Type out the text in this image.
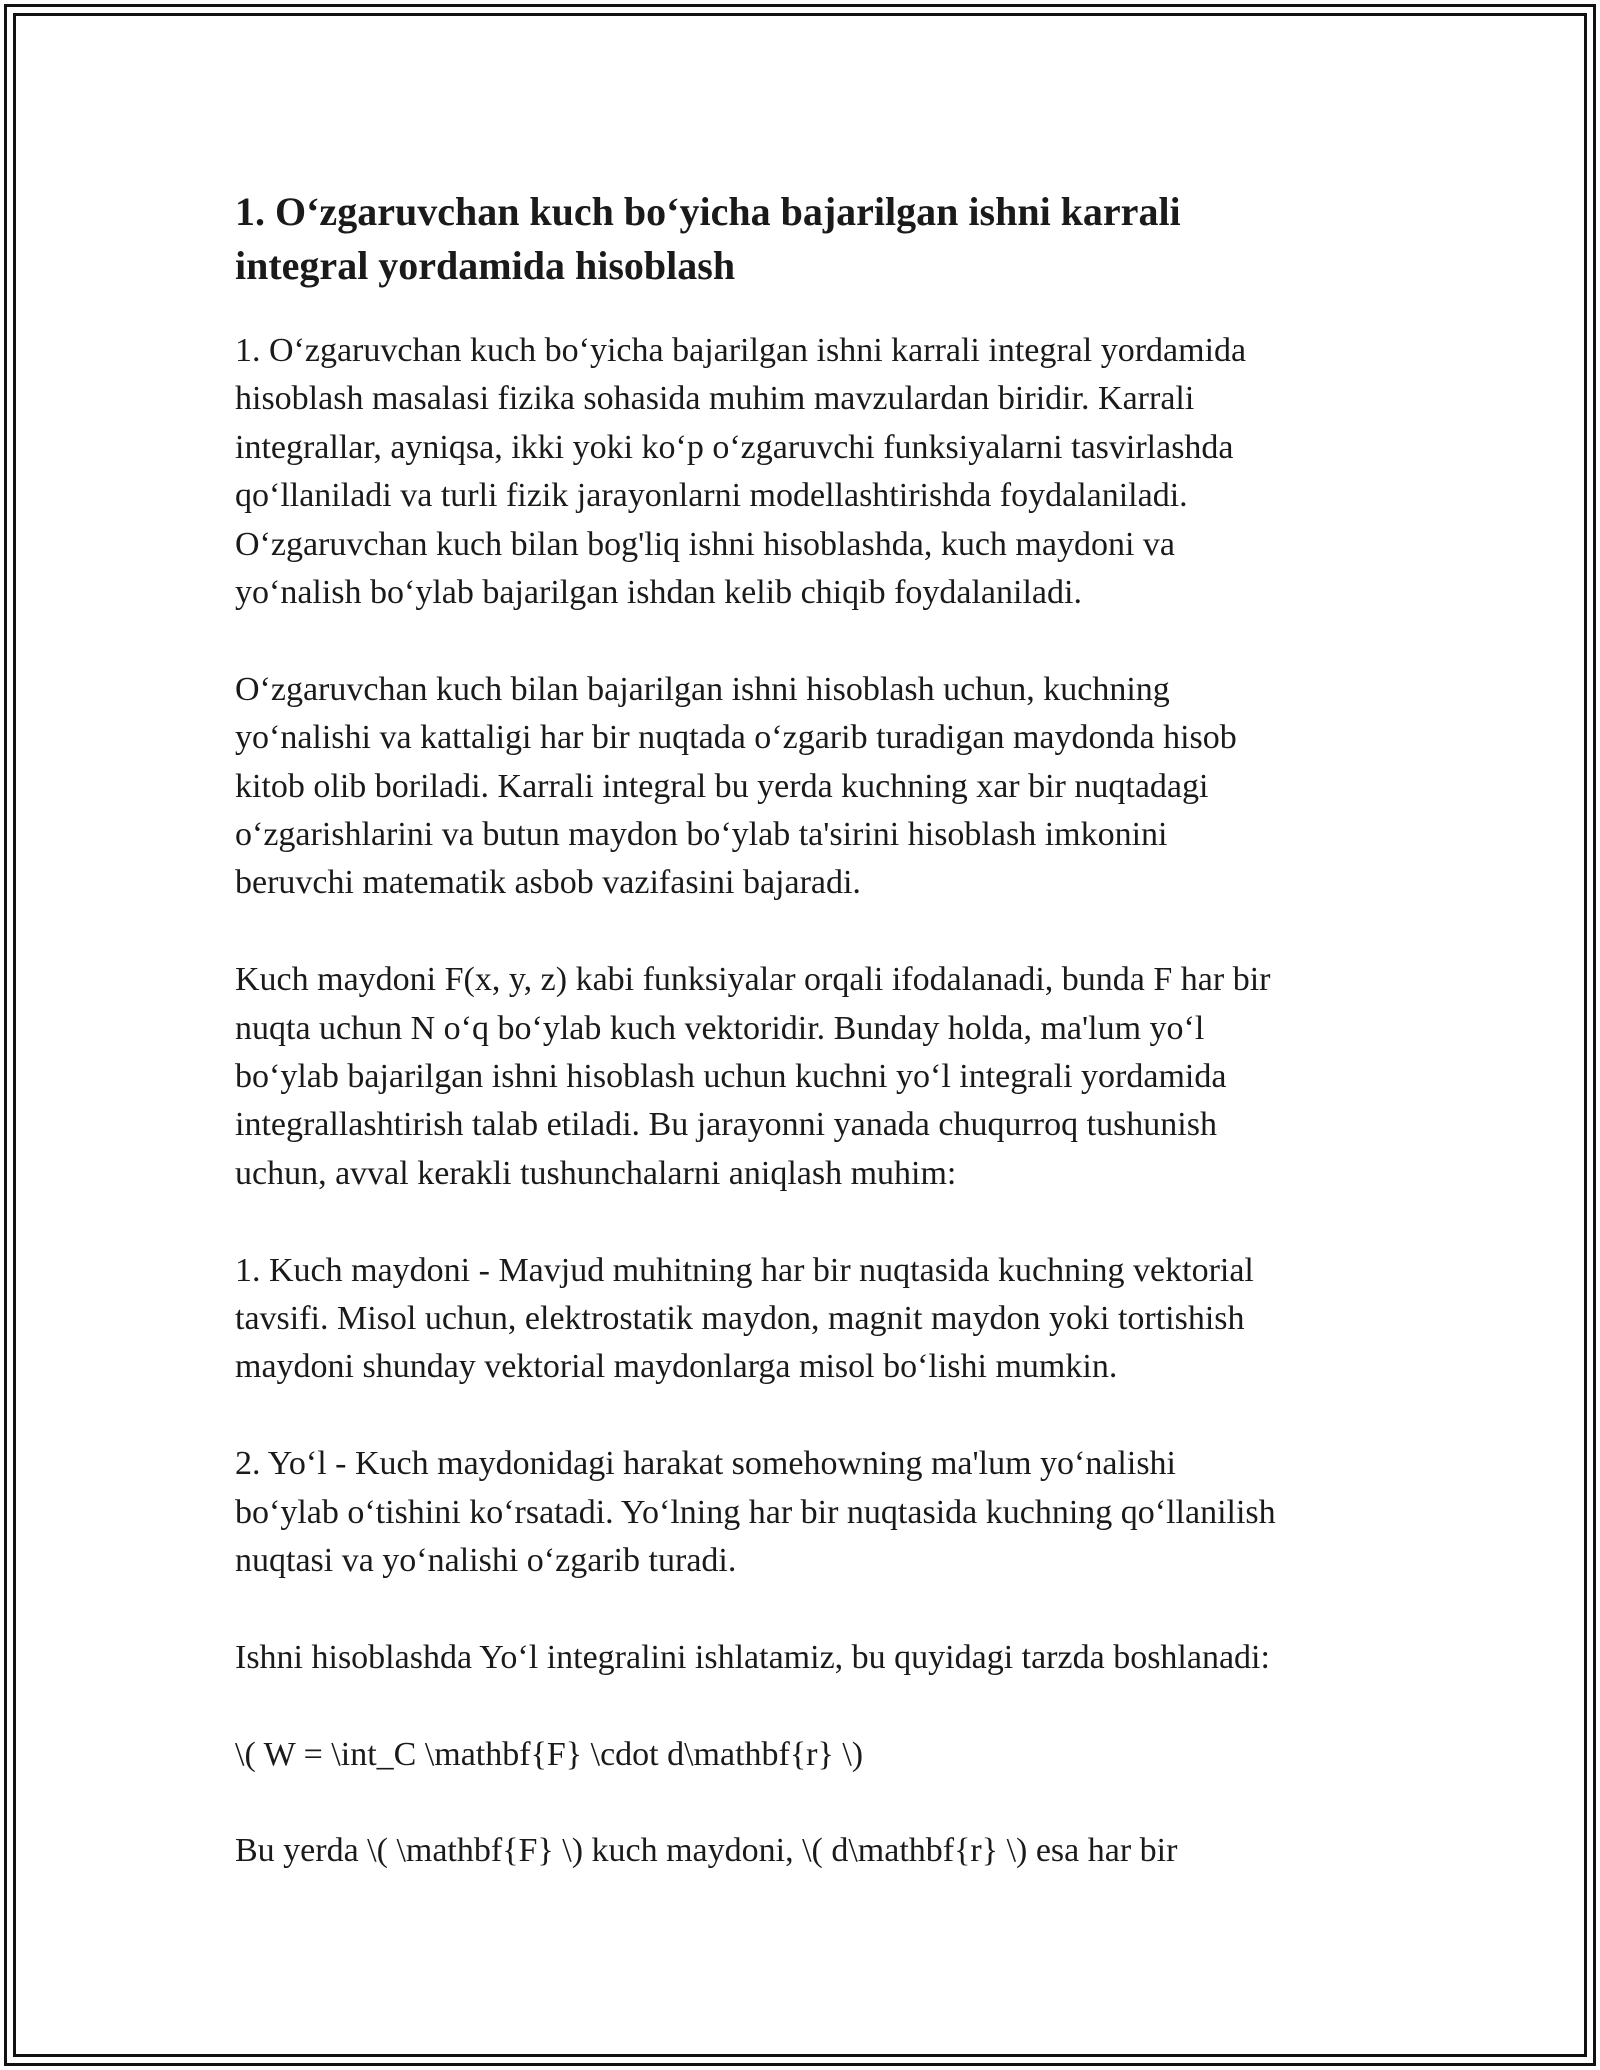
1. O‘zgaruvchan kuch bo‘yicha bajarilgan ishni karrali
integral yordamida hisoblash

1. O‘zgaruvchan kuch bo‘yicha bajarilgan ishni karrali integral yordamida
hisoblash masalasi fizika sohasida muhim mavzulardan biridir. Karrali
integrallar, ayniqsa, ikki yoki ko‘p o‘zgaruvchi funksiyalarni tasvirlashda
qo‘llaniladi va turli fizik jarayonlarni modellashtirishda foydalaniladi.
O‘zgaruvchan kuch bilan bog'liq ishni hisoblashda, kuch maydoni va
yo‘nalish bo‘ylab bajarilgan ishdan kelib chiqib foydalaniladi.

O‘zgaruvchan kuch bilan bajarilgan ishni hisoblash uchun, kuchning
yo‘nalishi va kattaligi har bir nuqtada o‘zgarib turadigan maydonda hisob
kitob olib boriladi. Karrali integral bu yerda kuchning xar bir nuqtadagi
o‘zgarishlarini va butun maydon bo‘ylab ta'sirini hisoblash imkonini
beruvchi matematik asbob vazifasini bajaradi.

Kuch maydoni F(x, y, z) kabi funksiyalar orqali ifodalanadi, bunda F har bir
nuqta uchun N o‘q bo‘ylab kuch vektoridir. Bunday holda, ma'lum yo‘l
bo‘ylab bajarilgan ishni hisoblash uchun kuchni yo‘l integrali yordamida
integrallashtirish talab etiladi. Bu jarayonni yanada chuqurroq tushunish
uchun, avval kerakli tushunchalarni aniqlash muhim:

1. Kuch maydoni - Mavjud muhitning har bir nuqtasida kuchning vektorial
tavsifi. Misol uchun, elektrostatik maydon, magnit maydon yoki tortishish
maydoni shunday vektorial maydonlarga misol bo‘lishi mumkin.

2. Yo‘l - Kuch maydonidagi harakat somehowning ma'lum yo‘nalishi
bo‘ylab o‘tishini ko‘rsatadi. Yo‘lning har bir nuqtasida kuchning qo‘llanilish
nuqtasi va yo‘nalishi o‘zgarib turadi.

Ishni hisoblashda Yo‘l integralini ishlatamiz, bu quyidagi tarzda boshlanadi:

\( W = \int_C \mathbf{F} \cdot d\mathbf{r} \)

Bu yerda \( \mathbf{F} \) kuch maydoni, \( d\mathbf{r} \) esa har bir
